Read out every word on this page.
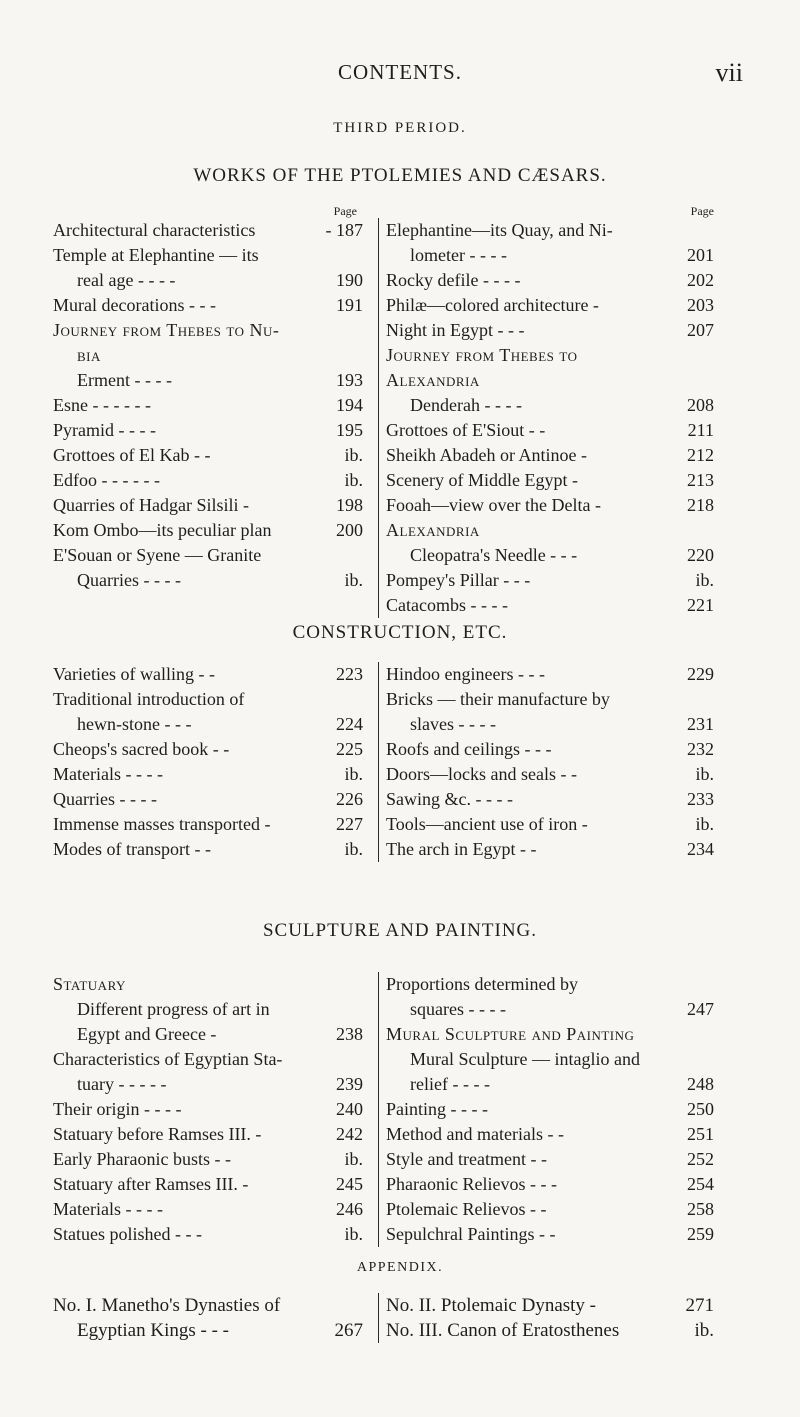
CONTENTS.	vii
THIRD PERIOD.
WORKS OF THE PTOLEMIES AND CÆSARS.
Page
Architectural characteristics	- 187
Temple at Elephantine — its
real age - - - -	190
Mural decorations - - -	191
Journey from Thebes to Nu-
bia
Erment - - - -	193
Esne - - - - - -	194
Pyramid - - - -	195
Grottoes of El Kab - -	ib.
Edfoo - - - - - -	ib.
Quarries of Hadgar Silsili -	198
Kom Ombo—its peculiar plan	200
E'Souan or Syene — Granite
Quarries - - - -	ib.
Page
Elephantine—its Quay, and Ni-
lometer - - - -	201
Rocky defile - - - -	202
Philæ—colored architecture -	203
Night in Egypt - - -	207
Journey from Thebes to
Alexandria
Denderah - - - -	208
Grottoes of E'Siout - -	211
Sheikh Abadeh or Antinoe -	212
Scenery of Middle Egypt -	213
Fooah—view over the Delta -	218
Alexandria
Cleopatra's Needle - - -	220
Pompey's Pillar - - -	ib.
Catacombs - - - -	221
CONSTRUCTION, ETC.
Varieties of walling - -	223
Traditional introduction of
hewn-stone - - -	224
Cheops's sacred book - -	225
Materials - - - -	ib.
Quarries - - - -	226
Immense masses transported -	227
Modes of transport - -	ib.
Hindoo engineers - - -	229
Bricks — their manufacture by
slaves - - - -	231
Roofs and ceilings - - -	232
Doors—locks and seals - -	ib.
Sawing &c. - - - -	233
Tools—ancient use of iron -	ib.
The arch in Egypt - -	234
SCULPTURE AND PAINTING.
Statuary
Different progress of art in
Egypt and Greece -	238
Characteristics of Egyptian Sta-
tuary - - - - -	239
Their origin - - - -	240
Statuary before Ramses III. -	242
Early Pharaonic busts - -	ib.
Statuary after Ramses III. -	245
Materials - - - -	246
Statues polished - - -	ib.
Proportions determined by
squares - - - -	247
Mural Sculpture and Painting
Mural Sculpture — intaglio and
relief - - - -	248
Painting - - - -	250
Method and materials - -	251
Style and treatment - -	252
Pharaonic Relievos - - -	254
Ptolemaic Relievos - -	258
Sepulchral Paintings - -	259
APPENDIX.
No. I. Manetho's Dynasties of
Egyptian Kings - - -	267
No. II. Ptolemaic Dynasty -	271
No. III. Canon of Eratosthenes	ib.
